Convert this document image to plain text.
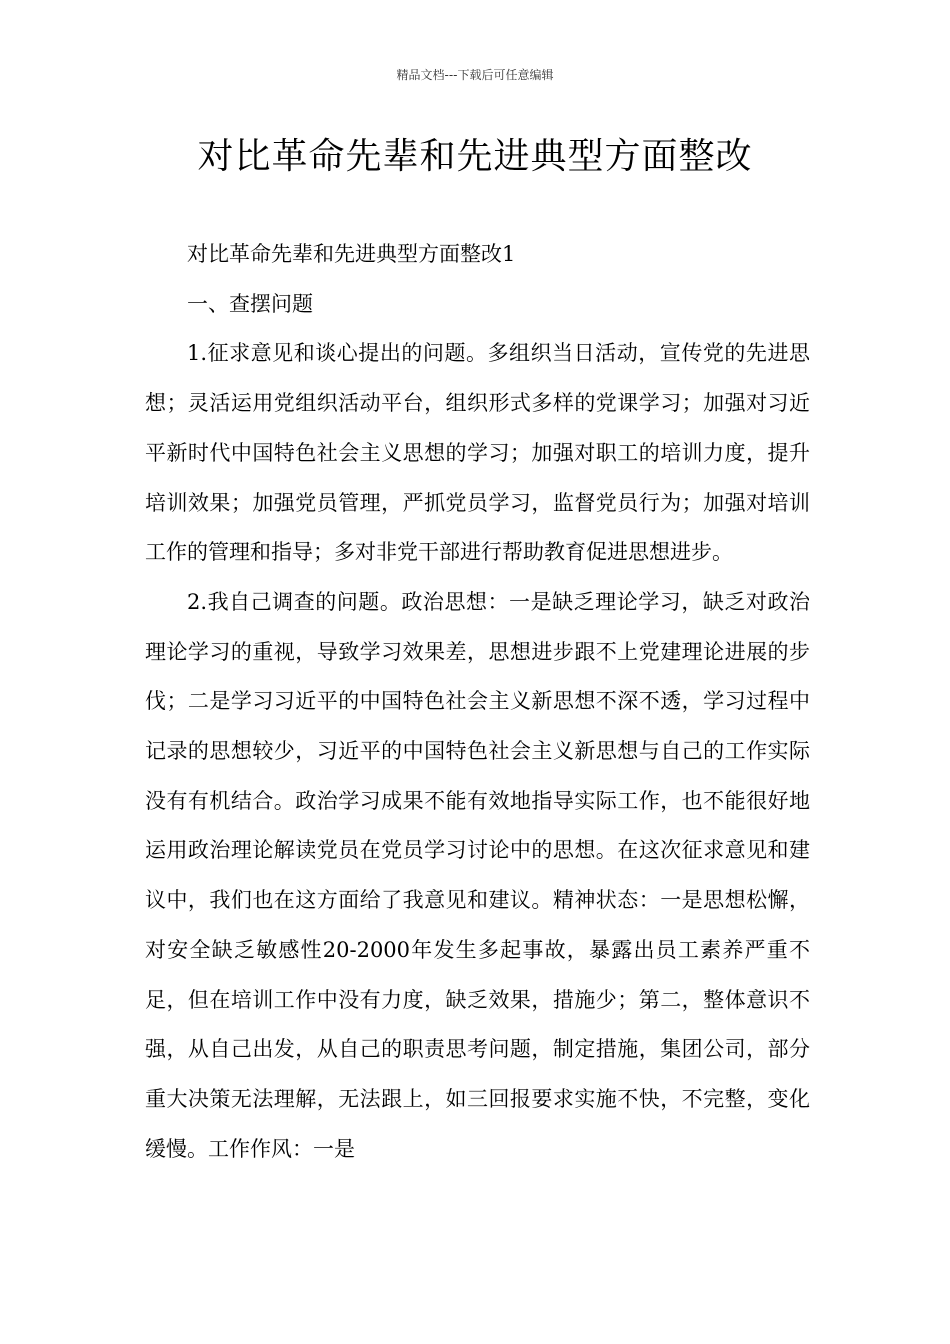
精品文档---下载后可任意编辑
对比革命先辈和先进典型方面整改

对比革命先辈和先进典型方面整改1

一、查摆问题

1.征求意见和谈心提出的问题。多组织当日活动，宣传党的先进思想；灵活运用党组织活动平台，组织形式多样的党课学习；加强对习近平新时代中国特色社会主义思想的学习；加强对职工的培训力度，提升培训效果；加强党员管理，严抓党员学习，监督党员行为；加强对培训工作的管理和指导；多对非党干部进行帮助教育促进思想进步。

2.我自己调查的问题。政治思想：一是缺乏理论学习，缺乏对政治理论学习的重视，导致学习效果差，思想进步跟不上党建理论进展的步伐；二是学习习近平的中国特色社会主义新思想不深不透，学习过程中记录的思想较少，习近平的中国特色社会主义新思想与自己的工作实际没有有机结合。政治学习成果不能有效地指导实际工作，也不能很好地运用政治理论解读党员在党员学习讨论中的思想。在这次征求意见和建议中，我们也在这方面给了我意见和建议。精神状态：一是思想松懈，对安全缺乏敏感性20-2000年发生多起事故，暴露出员工素养严重不足，但在培训工作中没有力度，缺乏效果，措施少；第二，整体意识不强，从自己出发，从自己的职责思考问题，制定措施，集团公司，部分重大决策无法理解，无法跟上，如三回报要求实施不快，不完整，变化缓慢。工作作风：一是
